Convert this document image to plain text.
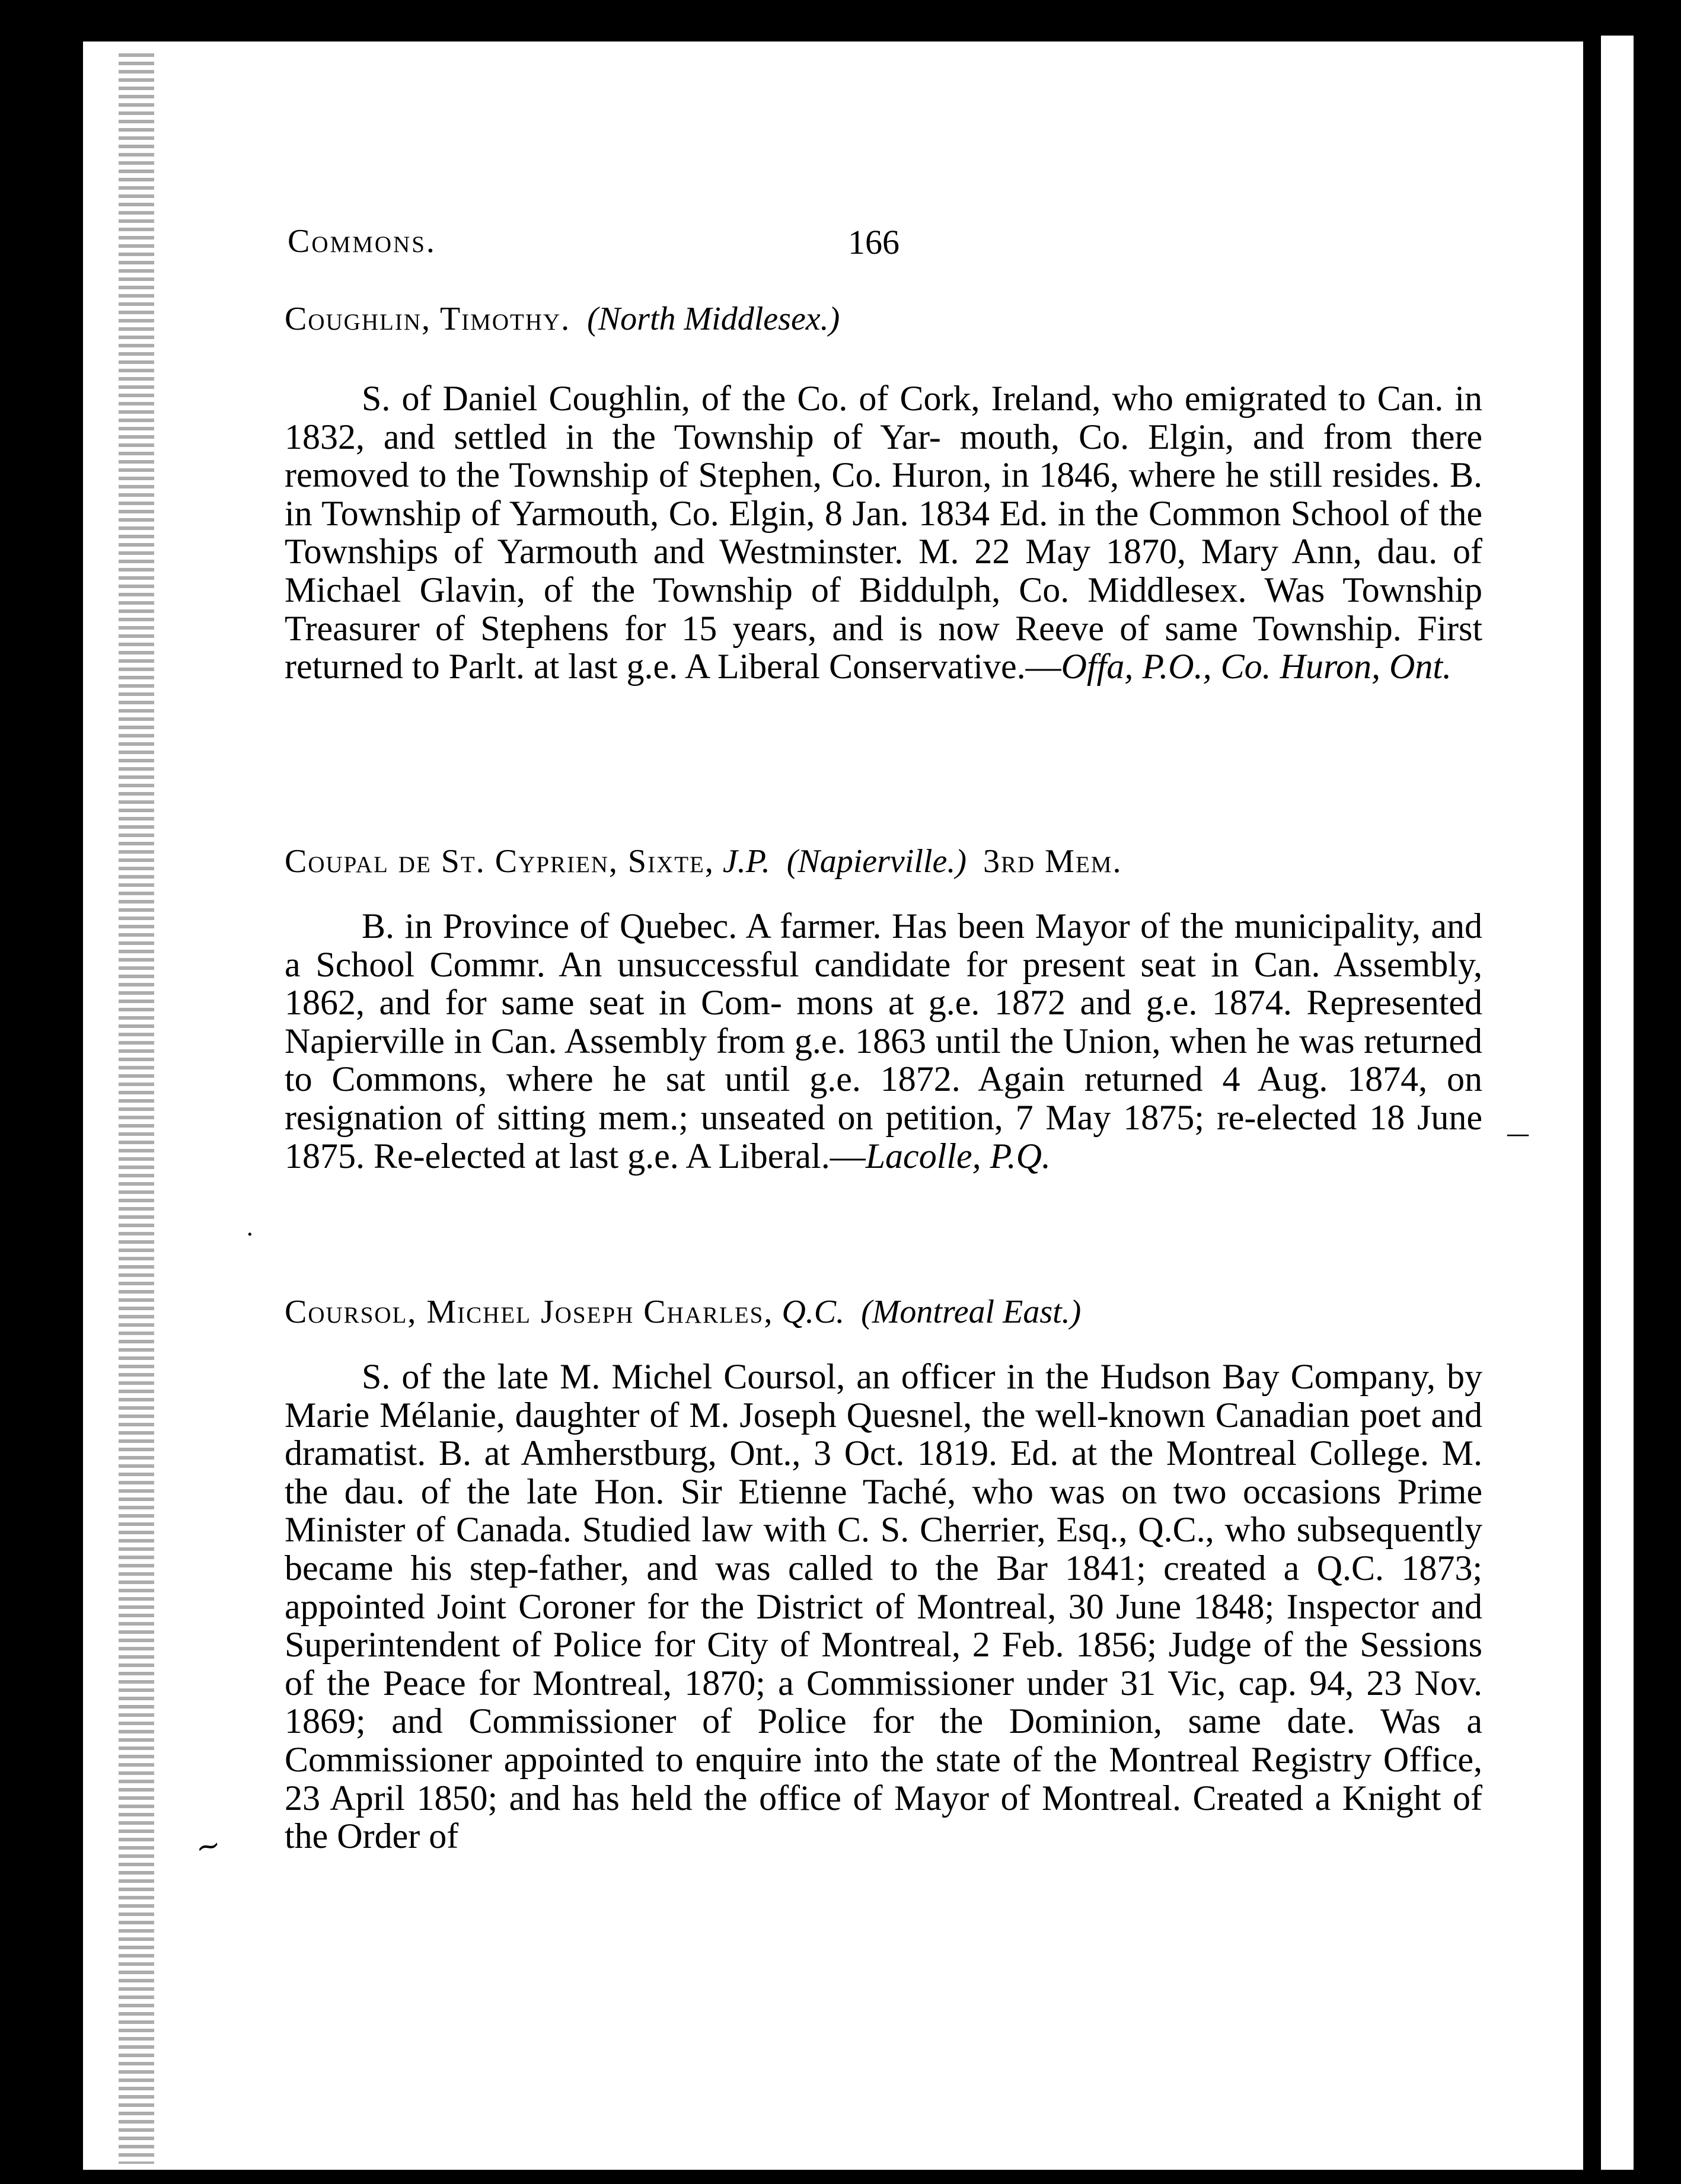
Commons.	166

Coughlin, Timothy. (North Middlesex.)

S. of Daniel Coughlin, of the Co. of Cork, Ireland, who emigrated to Can. in 1832, and settled in the Township of Yar- mouth, Co. Elgin, and from there removed to the Township of Stephen, Co. Huron, in 1846, where he still resides. B. in Township of Yarmouth, Co. Elgin, 8 Jan. 1834 Ed. in the Common School of the Townships of Yarmouth and Westminster. M. 22 May 1870, Mary Ann, dau. of Michael Glavin, of the Township of Biddulph, Co. Middlesex. Was Township Treasurer of Stephens for 15 years, and is now Reeve of same Township. First returned to Parlt. at last g.e. A Liberal Conservative.—Offa, P.O., Co. Huron, Ont.

Coupal de St. Cyprien, Sixte, J.P. (Napierville.) 3rd Mem.

B. in Province of Quebec. A farmer. Has been Mayor of the municipality, and a School Commr. An unsuccessful candidate for present seat in Can. Assembly, 1862, and for same seat in Com- mons at g.e. 1872 and g.e. 1874. Represented Napierville in Can. Assembly from g.e. 1863 until the Union, when he was returned to Commons, where he sat until g.e. 1872. Again returned 4 Aug. 1874, on resignation of sitting mem.; unseated on petition, 7 May 1875; re-elected 18 June 1875. Re-elected at last g.e. A Liberal.—Lacolle, P.Q.

Coursol, Michel Joseph Charles, Q.C. (Montreal East.)

S. of the late M. Michel Coursol, an officer in the Hudson Bay Company, by Marie Mélanie, daughter of M. Joseph Quesnel, the well-known Canadian poet and dramatist. B. at Amherstburg, Ont., 3 Oct. 1819. Ed. at the Montreal College. M. the dau. of the late Hon. Sir Etienne Taché, who was on two occasions Prime Minister of Canada. Studied law with C. S. Cherrier, Esq., Q.C., who subsequently became his step-father, and was called to the Bar 1841; created a Q.C. 1873; appointed Joint Coroner for the District of Montreal, 30 June 1848; Inspector and Superintendent of Police for City of Montreal, 2 Feb. 1856; Judge of the Sessions of the Peace for Montreal, 1870; a Commissioner under 31 Vic, cap. 94, 23 Nov. 1869; and Commissioner of Police for the Dominion, same date. Was a Commissioner appointed to enquire into the state of the Montreal Registry Office, 23 April 1850; and has held the office of Mayor of Montreal. Created a Knight of the Order of

—
·
~
